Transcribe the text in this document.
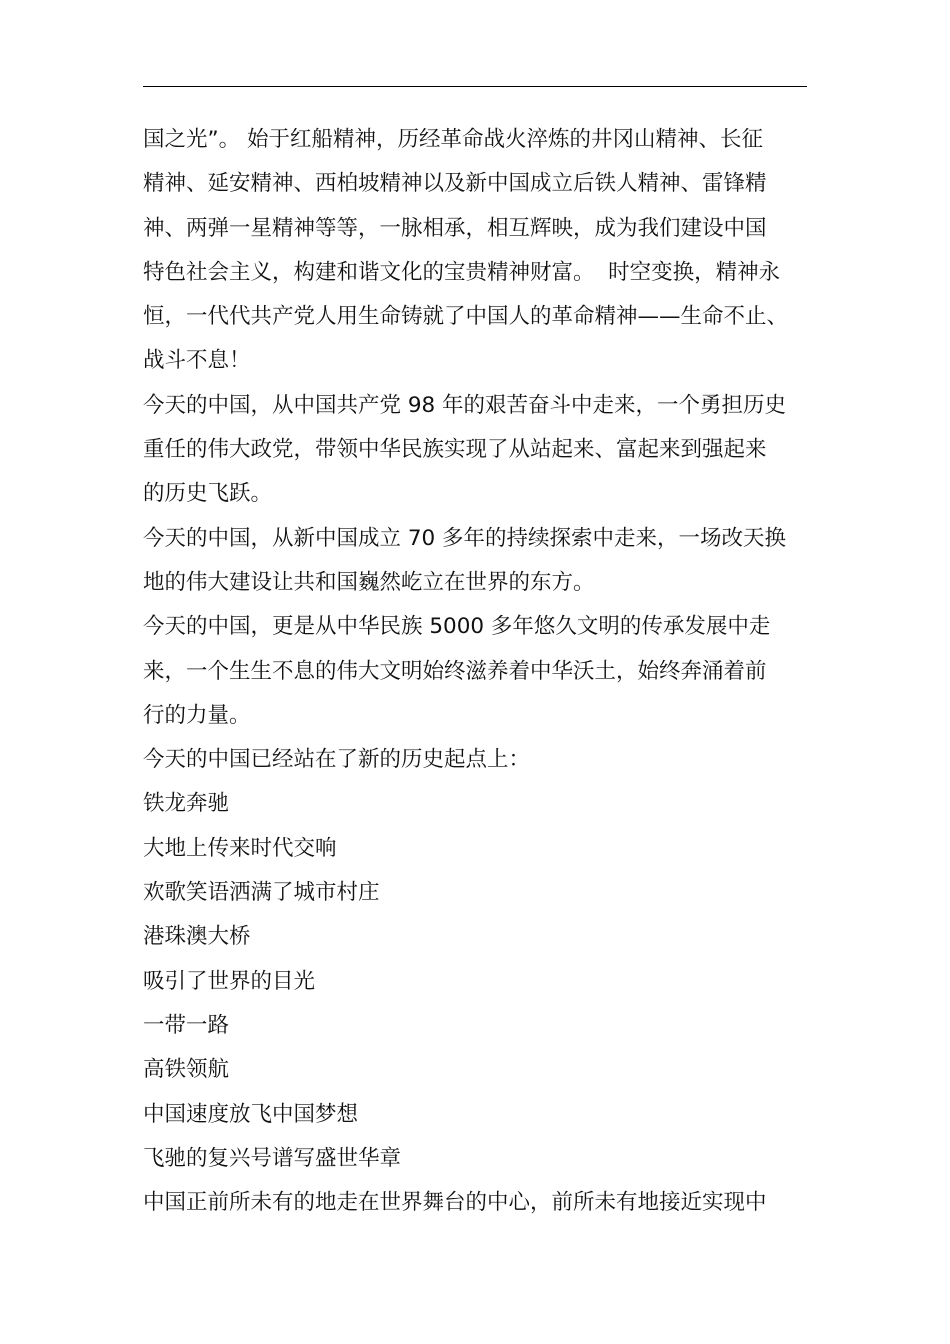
国之光”。 始于红船精神，历经革命战火淬炼的井冈山精神、长征
精神、延安精神、西柏坡精神以及新中国成立后铁人精神、雷锋精
神、两弹一星精神等等，一脉相承，相互辉映，成为我们建设中国
特色社会主义，构建和谐文化的宝贵精神财富。  时空变换，精神永
恒，一代代共产党人用生命铸就了中国人的革命精神——生命不止、
战斗不息！
今天的中国，从中国共产党 98 年的艰苦奋斗中走来，一个勇担历史
重任的伟大政党，带领中华民族实现了从站起来、富起来到强起来
的历史飞跃。
今天的中国，从新中国成立 70 多年的持续探索中走来，一场改天换
地的伟大建设让共和国巍然屹立在世界的东方。
今天的中国，更是从中华民族 5000 多年悠久文明的传承发展中走
来，一个生生不息的伟大文明始终滋养着中华沃土，始终奔涌着前
行的力量。
今天的中国已经站在了新的历史起点上：
铁龙奔驰
大地上传来时代交响
欢歌笑语洒满了城市村庄
港珠澳大桥
吸引了世界的目光
一带一路
高铁领航
中国速度放飞中国梦想
飞驰的复兴号谱写盛世华章
中国正前所未有的地走在世界舞台的中心，前所未有地接近实现中
